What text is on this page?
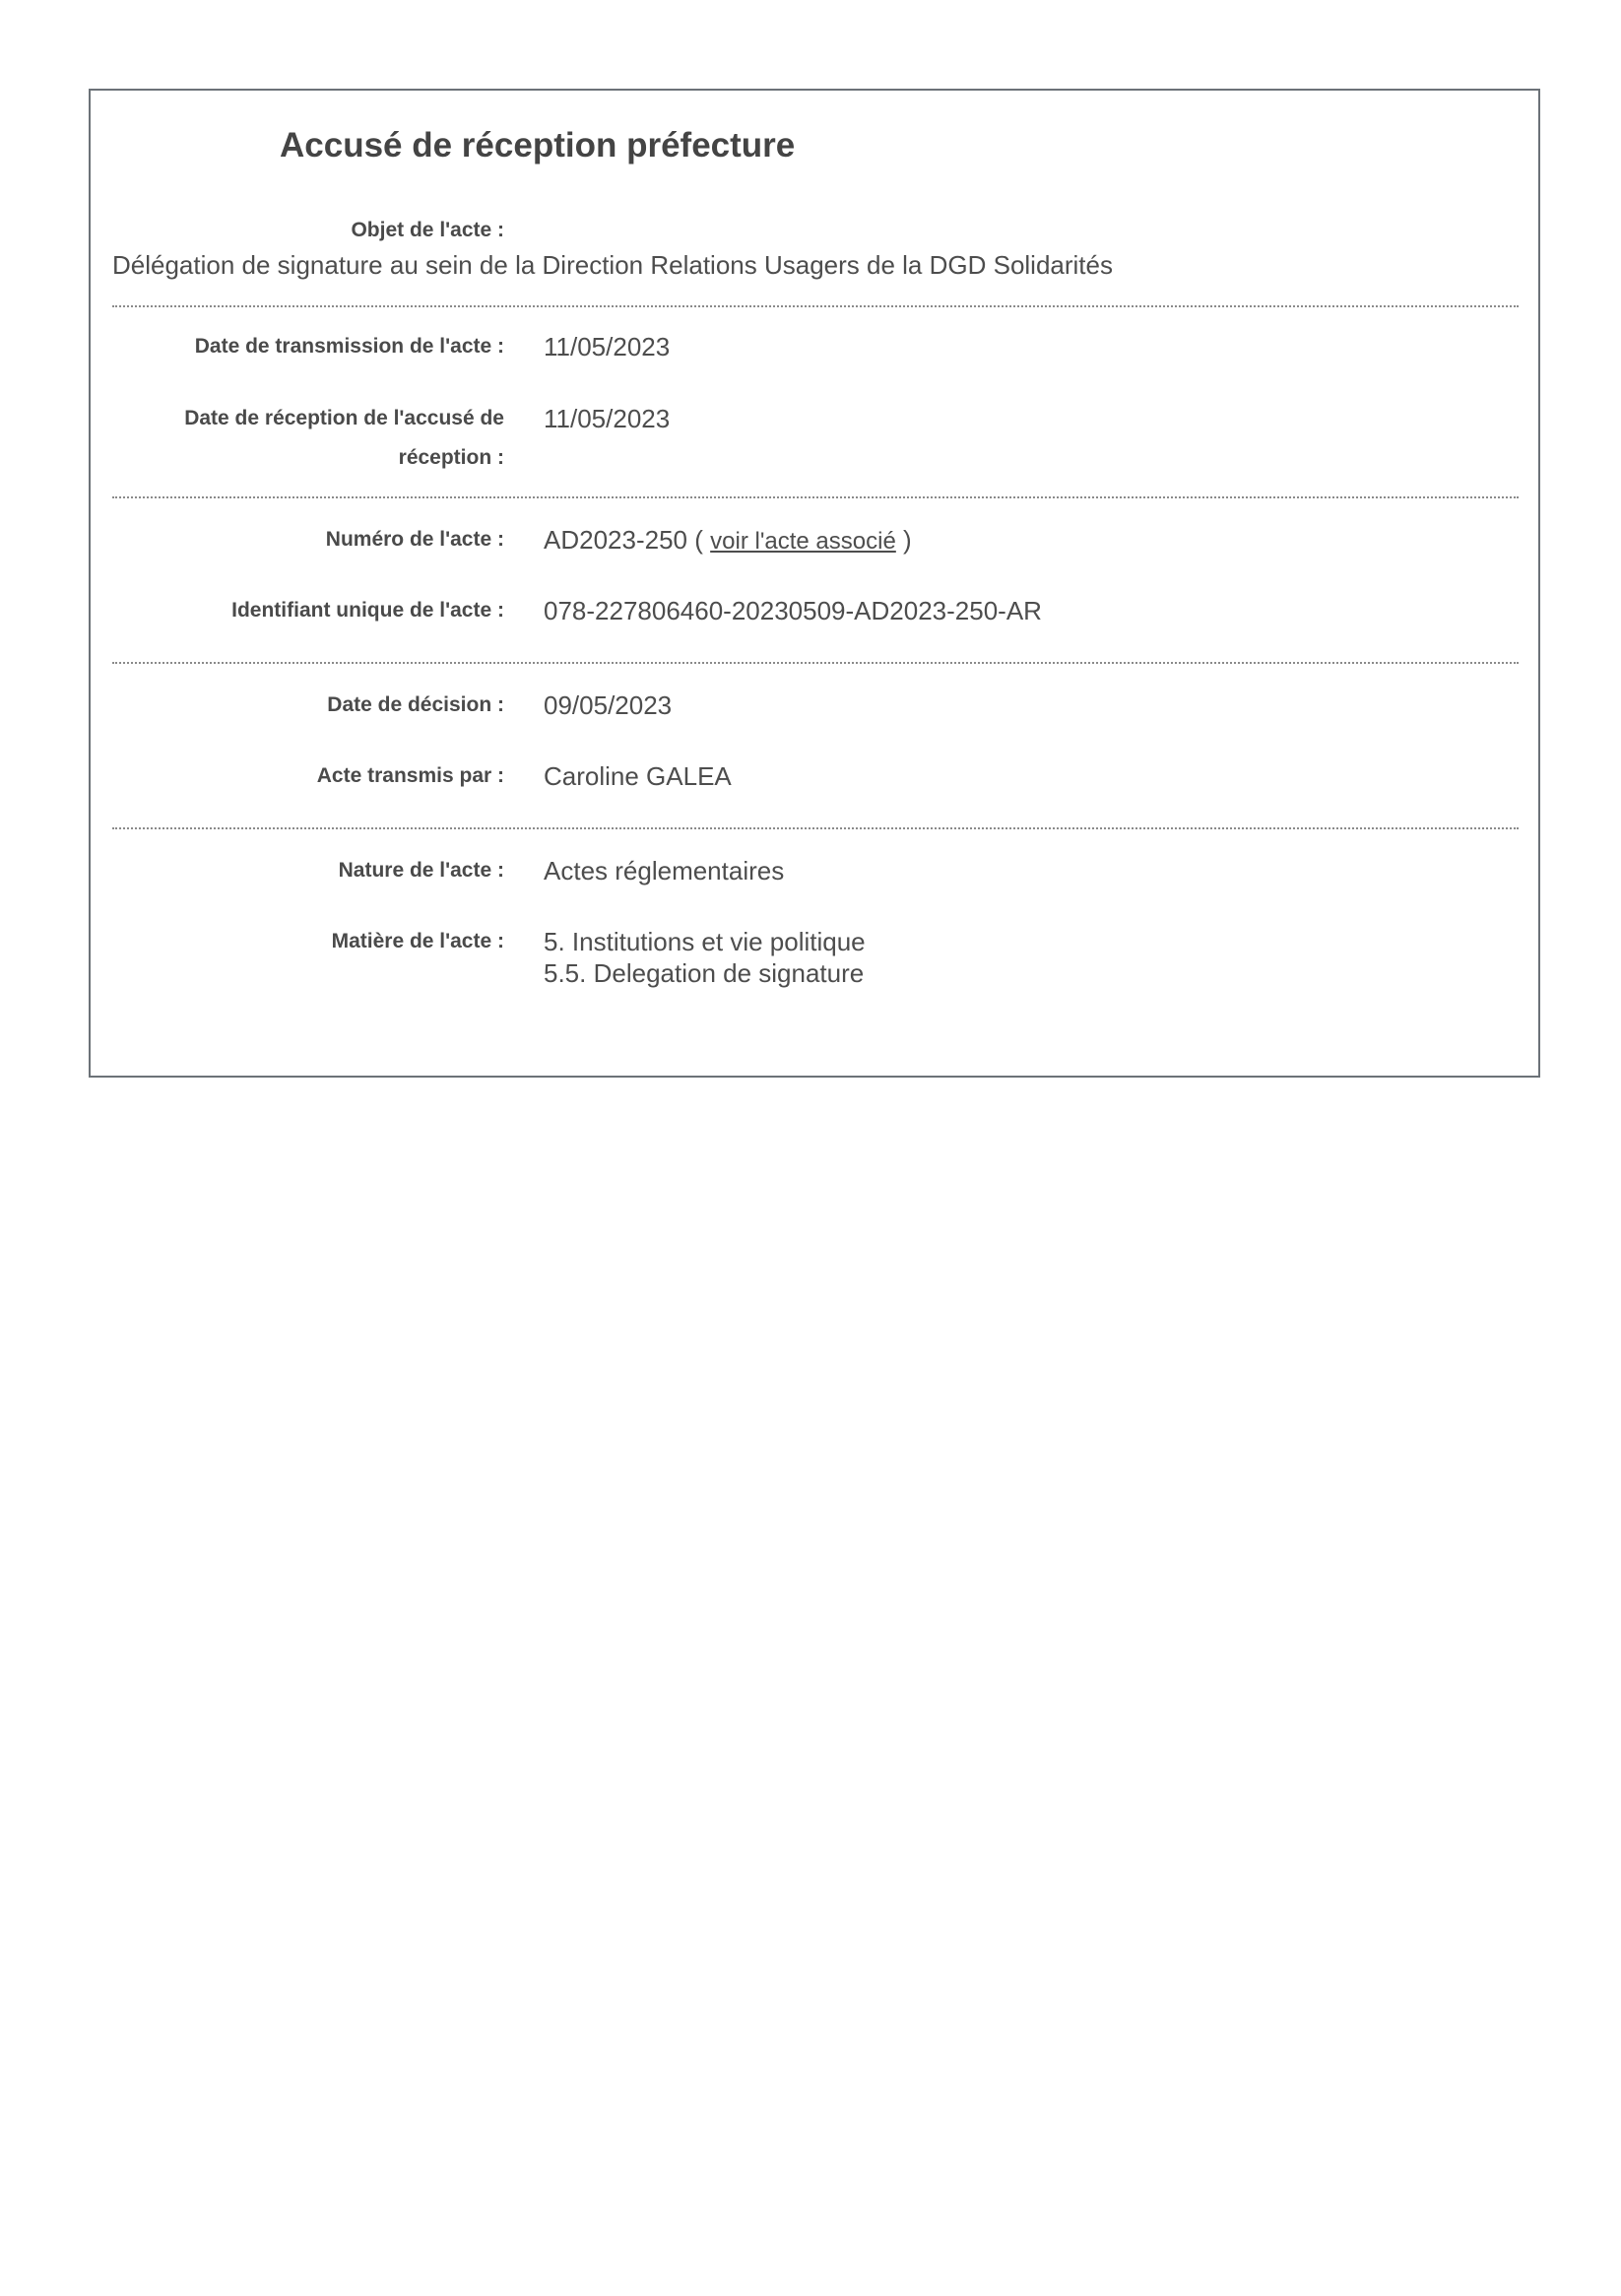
Accusé de réception préfecture
Objet de l'acte :
Délégation de signature au sein de la Direction Relations Usagers de la DGD Solidarités
Date de transmission de l'acte : 11/05/2023
Date de réception de l'accusé de réception :
11/05/2023
Numéro de l'acte : AD2023-250 ( voir l'acte associé )
Identifiant unique de l'acte : 078-227806460-20230509-AD2023-250-AR
Date de décision : 09/05/2023
Acte transmis par : Caroline GALEA
Nature de l'acte : Actes réglementaires
Matière de l'acte : 5. Institutions et vie politique
5.5. Delegation de signature
